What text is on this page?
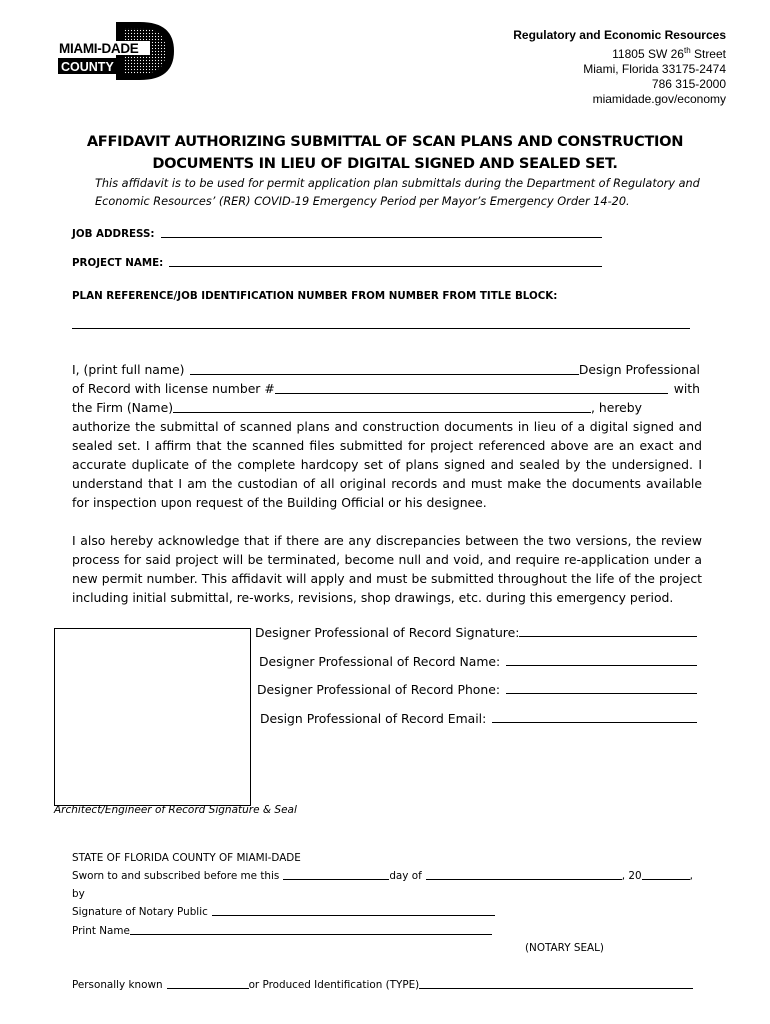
MIAMI-DADE
COUNTY
Regulatory and Economic Resources
11805 SW 26th Street
Miami, Florida 33175-2474
786 315-2000
miamidade.gov/economy
AFFIDAVIT AUTHORIZING SUBMITTAL OF SCAN PLANS AND CONSTRUCTION
DOCUMENTS IN LIEU OF DIGITAL SIGNED AND SEALED SET.
This affidavit is to be used for permit application plan submittals during the Department of Regulatory and Economic Resources’ (RER) COVID-19 Emergency Period per Mayor’s Emergency Order 14-20.
JOB ADDRESS:
PROJECT NAME:
PLAN REFERENCE/JOB IDENTIFICATION NUMBER FROM NUMBER FROM TITLE BLOCK:
I, (print full name)	Design Professional
of Record with license number #	with
the Firm (Name)	, hereby
authorize the submittal of scanned plans and construction documents in lieu of a digital signed and sealed set. I affirm that the scanned files submitted for project referenced above are an exact and accurate duplicate of the complete hardcopy set of plans signed and sealed by the undersigned. I understand that I am the custodian of all original records and must make the documents available for inspection upon request of the Building Official or his designee.
I also hereby acknowledge that if there are any discrepancies between the two versions, the review process for said project will be terminated, become null and void, and require re-application under a new permit number. This affidavit will apply and must be submitted throughout the life of the project including initial submittal, re-works, revisions, shop drawings, etc. during this emergency period.
Architect/Engineer of Record Signature & Seal
Designer Professional of Record Signature:
Designer Professional of Record Name:
Designer Professional of Record Phone:
Design Professional of Record Email:
STATE OF FLORIDA COUNTY OF MIAMI-DADE
Sworn to and subscribed before me this	day of	, 20	,
by
Signature of Notary Public
Print Name
(NOTARY SEAL)
Personally known	or Produced Identification (TYPE)
